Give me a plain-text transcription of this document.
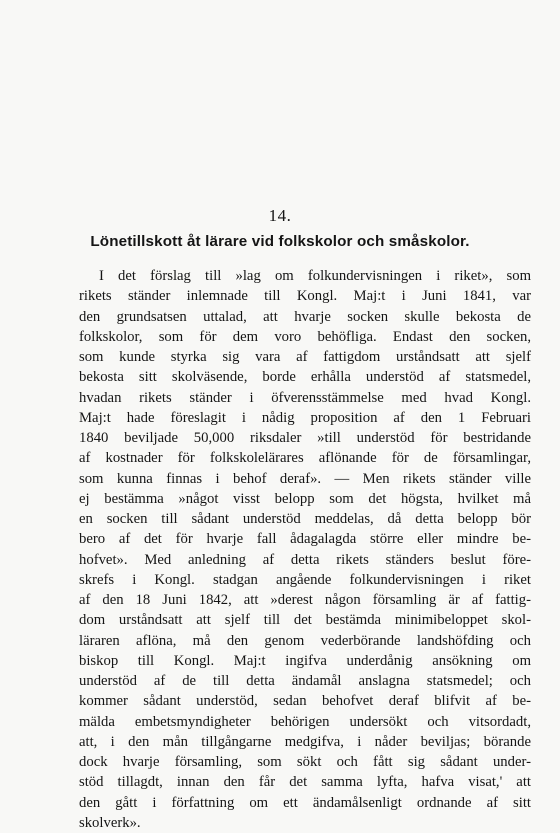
14.
Lönetillskott åt lärare vid folkskolor och småskolor.
I det förslag till »lag om folkundervisningen i riket», som
rikets ständer inlemnade till Kongl. Maj:t i Juni 1841, var
den grundsatsen uttalad, att hvarje socken skulle bekosta de
folkskolor, som för dem voro behöfliga. Endast den socken,
som kunde styrka sig vara af fattigdom urståndsatt att sjelf
bekosta sitt skolväsende, borde erhålla understöd af statsmedel,
hvadan rikets ständer i öfverensstämmelse med hvad Kongl.
Maj:t hade föreslagit i nådig proposition af den 1 Februari
1840 beviljade 50,000 riksdaler »till understöd för bestridande
af kostnader för folkskolelärares aflönande för de församlingar,
som kunna finnas i behof deraf». — Men rikets ständer ville
ej bestämma »något visst belopp som det högsta, hvilket må
en socken till sådant understöd meddelas, då detta belopp bör
bero af det för hvarje fall ådagalagda större eller mindre be-
hofvet». Med anledning af detta rikets ständers beslut före-
skrefs i Kongl. stadgan angående folkundervisningen i riket
af den 18 Juni 1842, att »derest någon församling är af fattig-
dom urståndsatt att sjelf till det bestämda minimibeloppet skol-
läraren aflöna, må den genom vederbörande landshöfding och
biskop till Kongl. Maj:t ingifva underdånig ansökning om
understöd af de till detta ändamål anslagna statsmedel; och
kommer sådant understöd, sedan behofvet deraf blifvit af be-
mälda embetsmyndigheter behörigen undersökt och vitsordadt,
att, i den mån tillgångarne medgifva, i nåder beviljas; börande
dock hvarje församling, som sökt och fått sig sådant under-
stöd tillagdt, innan den får det samma lyfta, hafva visat,' att
den gått i författning om ett ändamålsenligt ordnande af sitt
skolverk».
